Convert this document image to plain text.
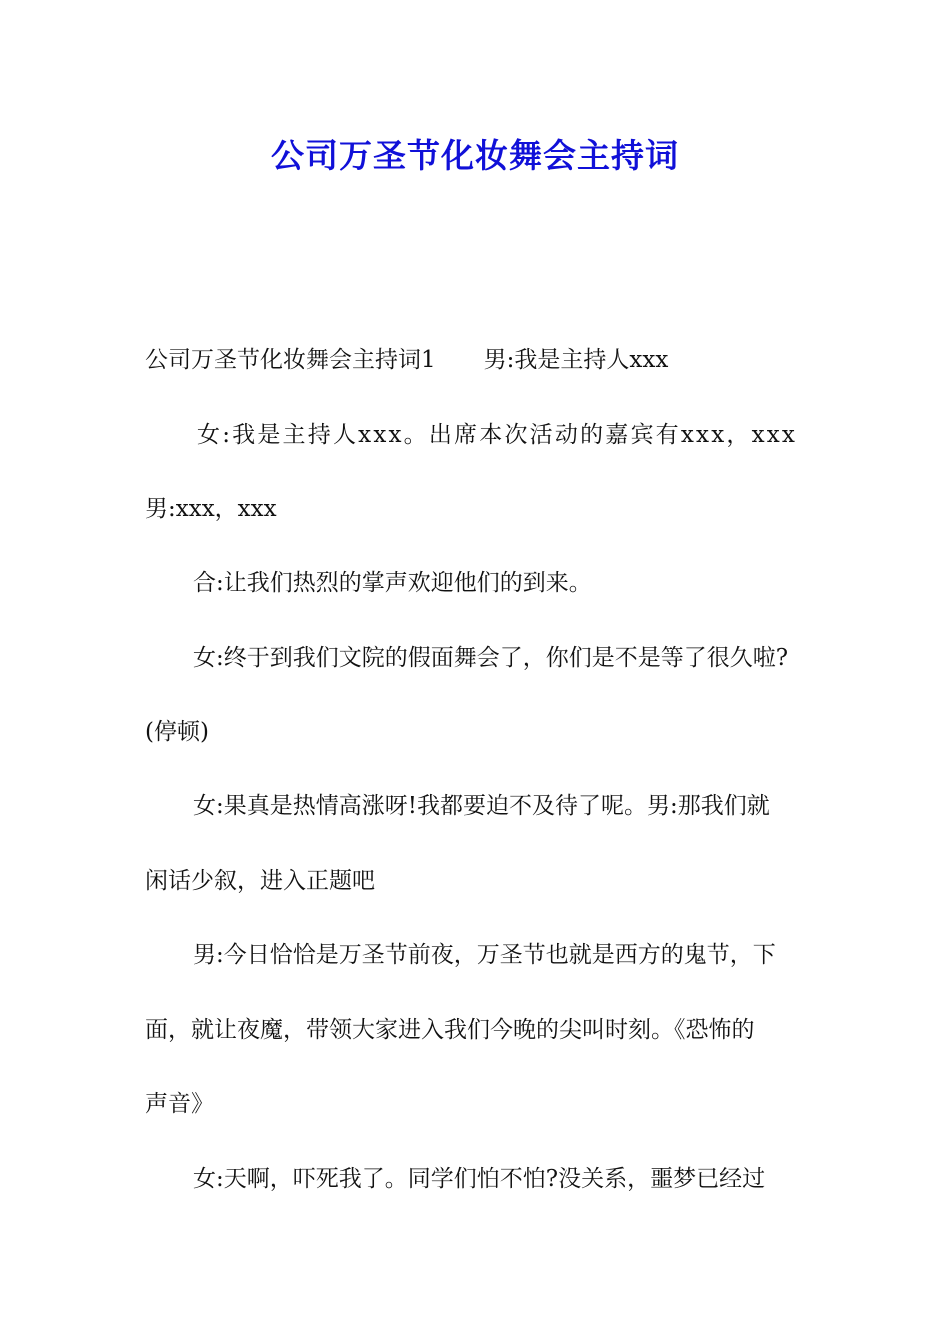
公司万圣节化妆舞会主持词
公司万圣节化妆舞会主持词1 男:我是主持人xxx
女:我是主持人xxx。出席本次活动的嘉宾有xxx，xxx
男:xxx，xxx
合:让我们热烈的掌声欢迎他们的到来。
女:终于到我们文院的假面舞会了，你们是不是等了很久啦?
(停顿)
女:果真是热情高涨呀!我都要迫不及待了呢。男:那我们就
闲话少叙，进入正题吧
男:今日恰恰是万圣节前夜，万圣节也就是西方的鬼节，下
面，就让夜魔，带领大家进入我们今晚的尖叫时刻。《恐怖的
声音》
女:天啊，吓死我了。同学们怕不怕?没关系，噩梦已经过
